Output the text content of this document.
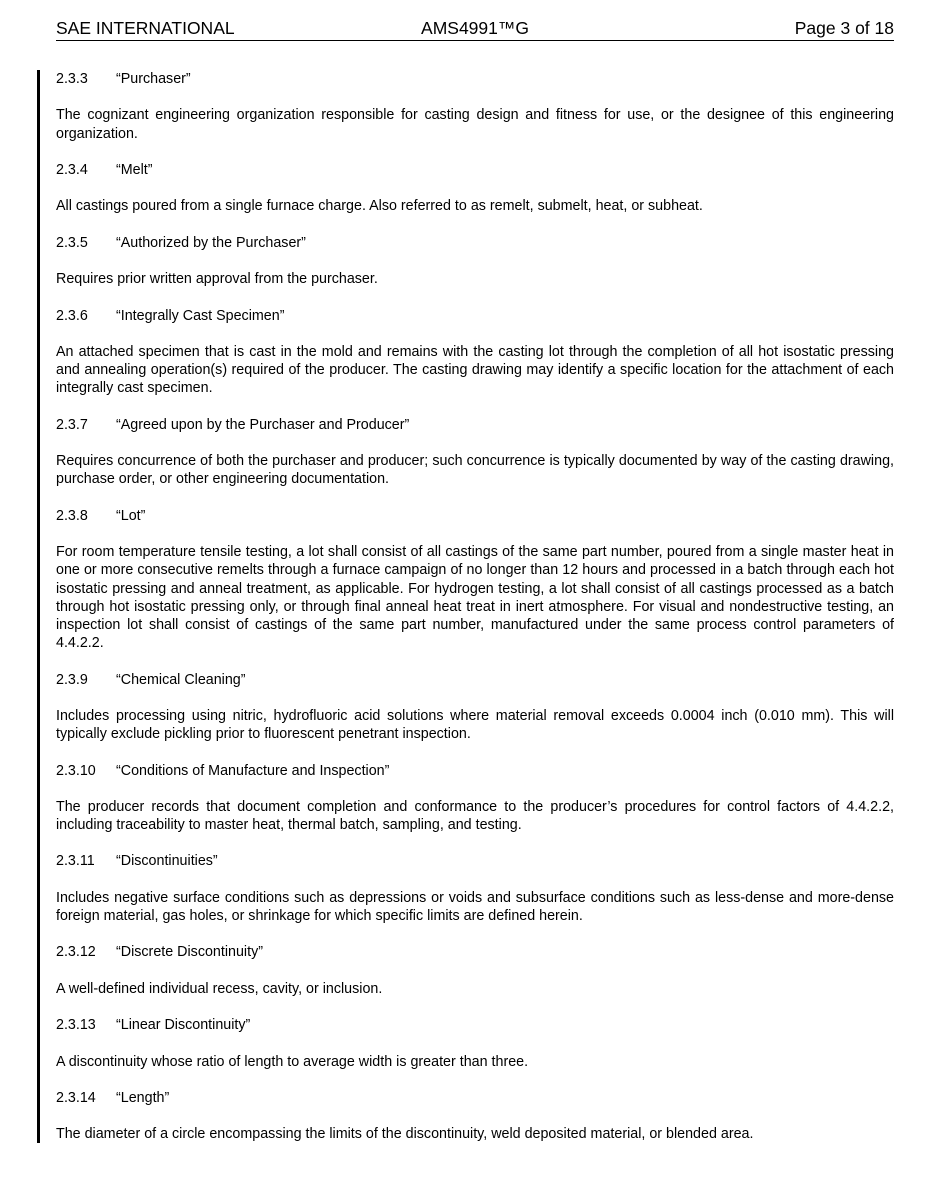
SAE INTERNATIONAL	AMS4991™G	Page 3 of 18
2.3.3 “Purchaser”

The cognizant engineering organization responsible for casting design and fitness for use, or the designee of this engineering organization.

2.3.4 “Melt”

All castings poured from a single furnace charge. Also referred to as remelt, submelt, heat, or subheat.

2.3.5 “Authorized by the Purchaser”

Requires prior written approval from the purchaser.

2.3.6 “Integrally Cast Specimen”

An attached specimen that is cast in the mold and remains with the casting lot through the completion of all hot isostatic pressing and annealing operation(s) required of the producer. The casting drawing may identify a specific location for the attachment of each integrally cast specimen.

2.3.7 “Agreed upon by the Purchaser and Producer”

Requires concurrence of both the purchaser and producer; such concurrence is typically documented by way of the casting drawing, purchase order, or other engineering documentation.

2.3.8 “Lot”

For room temperature tensile testing, a lot shall consist of all castings of the same part number, poured from a single master heat in one or more consecutive remelts through a furnace campaign of no longer than 12 hours and processed in a batch through each hot isostatic pressing and anneal treatment, as applicable. For hydrogen testing, a lot shall consist of all castings processed as a batch through hot isostatic pressing only, or through final anneal heat treat in inert atmosphere. For visual and nondestructive testing, an inspection lot shall consist of castings of the same part number, manufactured under the same process control parameters of 4.4.2.2.

2.3.9 “Chemical Cleaning”

Includes processing using nitric, hydrofluoric acid solutions where material removal exceeds 0.0004 inch (0.010 mm). This will typically exclude pickling prior to fluorescent penetrant inspection.

2.3.10 “Conditions of Manufacture and Inspection”

The producer records that document completion and conformance to the producer’s procedures for control factors of 4.4.2.2, including traceability to master heat, thermal batch, sampling, and testing.

2.3.11 “Discontinuities”

Includes negative surface conditions such as depressions or voids and subsurface conditions such as less-dense and more-dense foreign material, gas holes, or shrinkage for which specific limits are defined herein.

2.3.12 “Discrete Discontinuity”

A well-defined individual recess, cavity, or inclusion.

2.3.13 “Linear Discontinuity”

A discontinuity whose ratio of length to average width is greater than three.

2.3.14 “Length”

The diameter of a circle encompassing the limits of the discontinuity, weld deposited material, or blended area.
